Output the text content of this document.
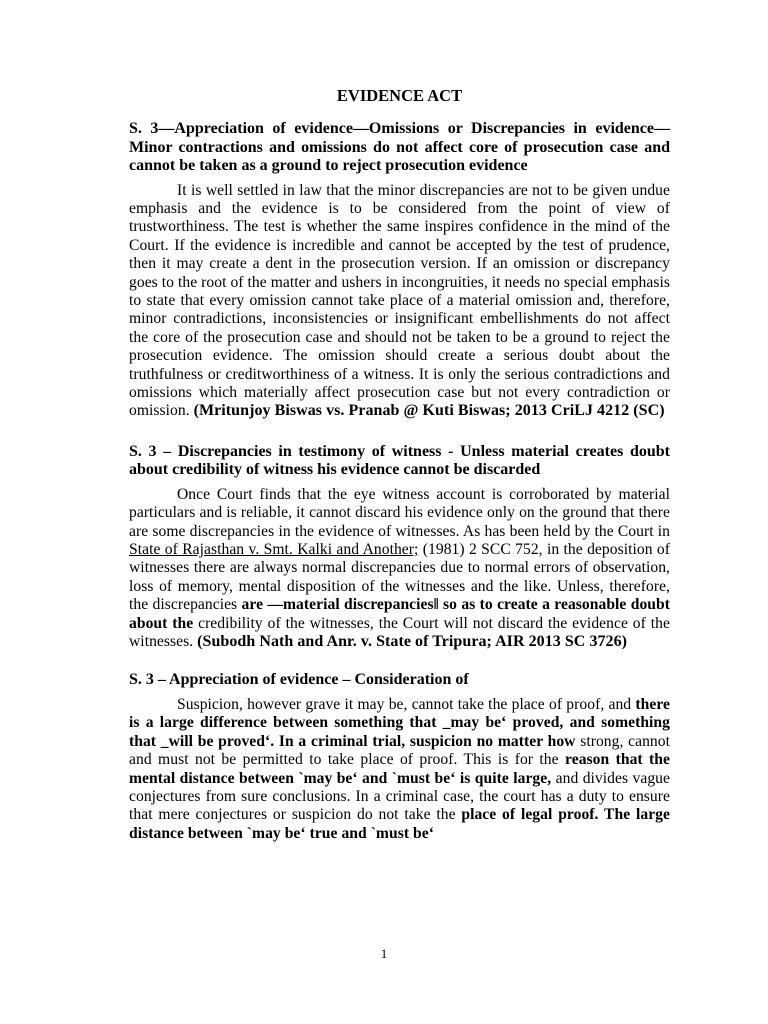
EVIDENCE ACT
S. 3—Appreciation of evidence—Omissions or Discrepancies in evidence— Minor contractions and omissions do not affect core of prosecution case and cannot be taken as a ground to reject prosecution evidence

It is well settled in law that the minor discrepancies are not to be given undue emphasis and the evidence is to be considered from the point of view of trustworthiness. The test is whether the same inspires confidence in the mind of the Court. If the evidence is incredible and cannot be accepted by the test of prudence, then it may create a dent in the prosecution version. If an omission or discrepancy goes to the root of the matter and ushers in incongruities, it needs no special emphasis to state that every omission cannot take place of a material omission and, therefore, minor contradictions, inconsistencies or insignificant embellishments do not affect the core of the prosecution case and should not be taken to be a ground to reject the prosecution evidence. The omission should create a serious doubt about the truthfulness or creditworthiness of a witness. It is only the serious contradictions and omissions which materially affect prosecution case but not every contradiction or omission. (Mritunjoy Biswas vs. Pranab @ Kuti Biswas; 2013 CriLJ 4212 (SC)

S. 3 – Discrepancies in testimony of witness - Unless material creates doubt about credibility of witness his evidence cannot be discarded

Once Court finds that the eye witness account is corroborated by material particulars and is reliable, it cannot discard his evidence only on the ground that there are some discrepancies in the evidence of witnesses. As has been held by the Court in State of Rajasthan v. Smt. Kalki and Another; (1981) 2 SCC 752, in the deposition of witnesses there are always normal discrepancies due to normal errors of observation, loss of memory, mental disposition of the witnesses and the like. Unless, therefore, the discrepancies are ―material discrepancies‖ so as to create a reasonable doubt about the credibility of the witnesses, the Court will not discard the evidence of the witnesses. (Subodh Nath and Anr. v. State of Tripura; AIR 2013 SC 3726)

S. 3 – Appreciation of evidence – Consideration of

Suspicion, however grave it may be, cannot take the place of proof, and there is a large difference between something that _may be‘ proved, and something that _will be proved‘. In a criminal trial, suspicion no matter how strong, cannot and must not be permitted to take place of proof. This is for the reason that the mental distance between `may be‘ and `must be‘ is quite large, and divides vague conjectures from sure conclusions. In a criminal case, the court has a duty to ensure that mere conjectures or suspicion do not take the place of legal proof. The large distance between `may be‘ true and `must be‘

1
